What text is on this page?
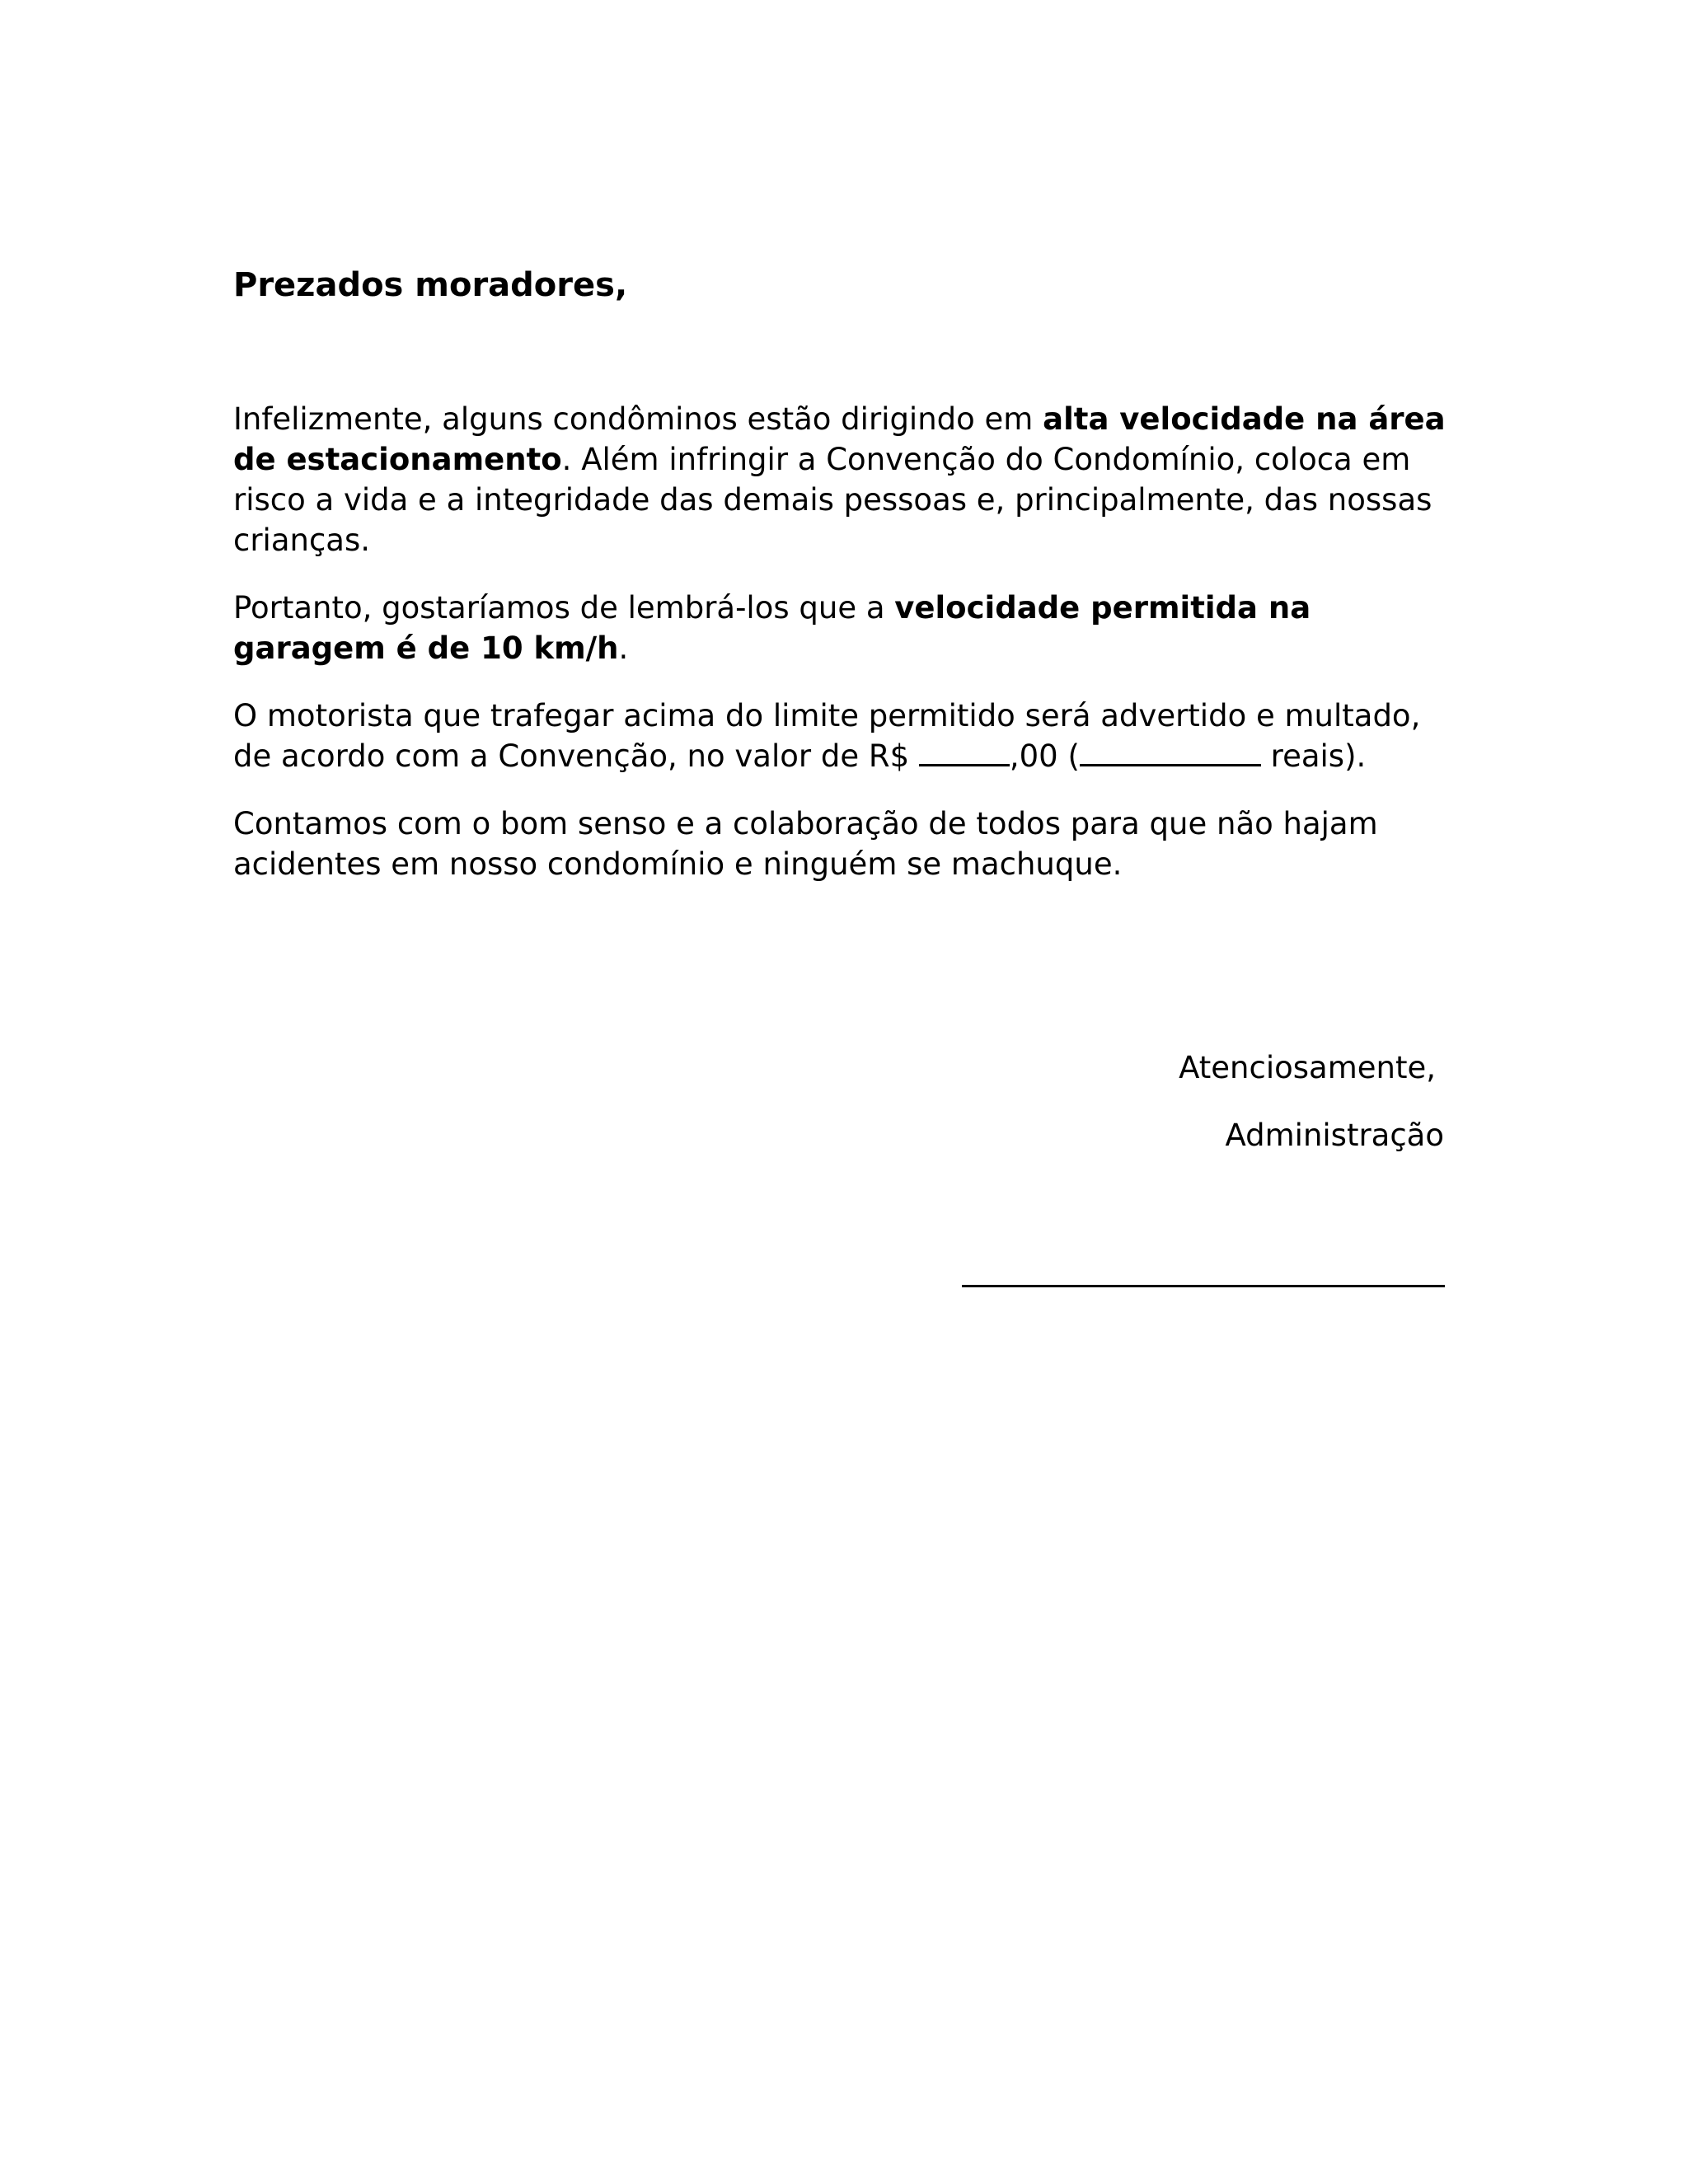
Prezados moradores,

Infelizmente, alguns condôminos estão dirigindo em alta velocidade na área de estacionamento. Além infringir a Convenção do Condomínio, coloca em risco a vida e a integridade das demais pessoas e, principalmente, das nossas crianças.

Portanto, gostaríamos de lembrá-los que a velocidade permitida na garagem é de 10 km/h.

O motorista que trafegar acima do limite permitido será advertido e multado, de acordo com a Convenção, no valor de R$	,00 (	reais).

Contamos com o bom senso e a colaboração de todos para que não hajam acidentes em nosso condomínio e ninguém se machuque.

Atenciosamente,

Administração
